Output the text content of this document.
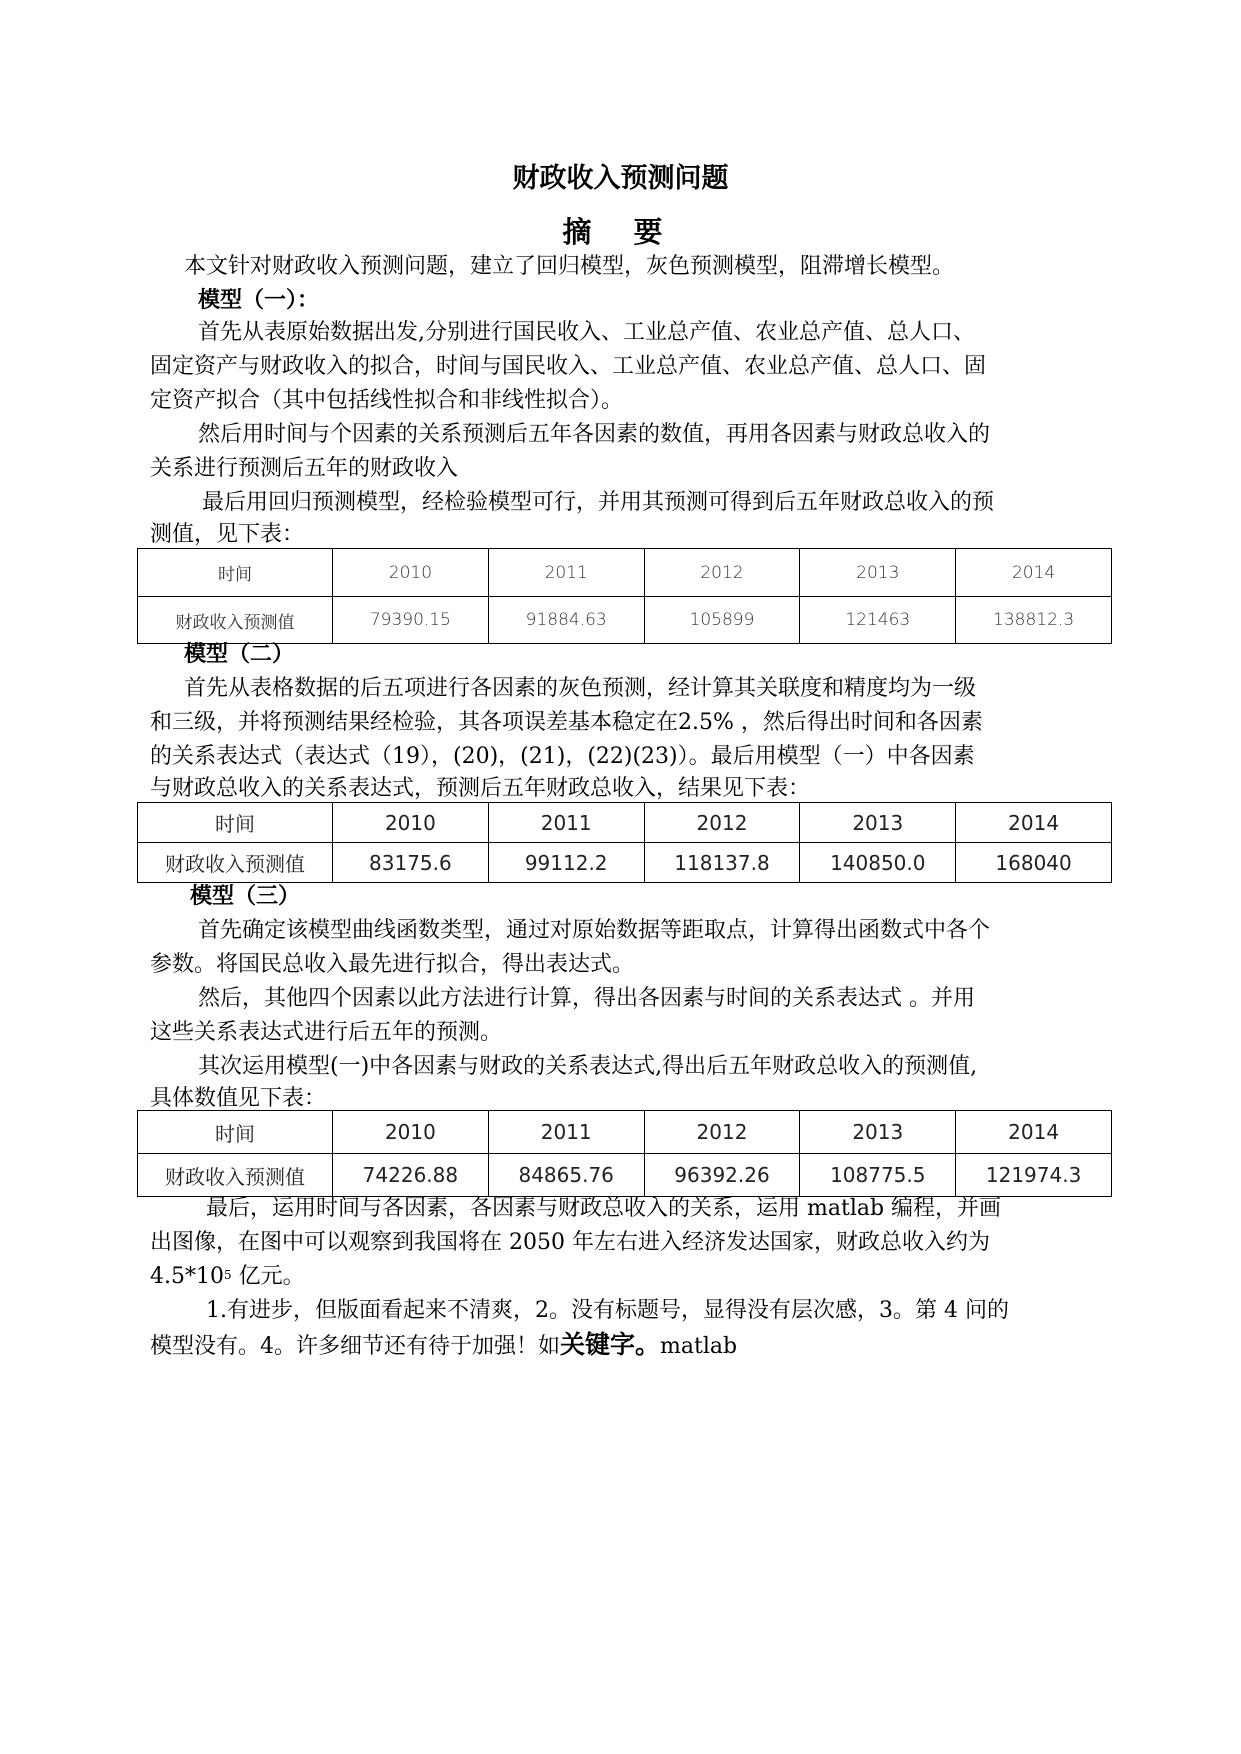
财政收入预测问题
摘 要
本文针对财政收入预测问题，建立了回归模型，灰色预测模型，阻滞增长模型。
模型（一）：
首先从表原始数据出发,分别进行国民收入、工业总产值、农业总产值、总人口、
固定资产与财政收入的拟合，时间与国民收入、工业总产值、农业总产值、总人口、固
定资产拟合（其中包括线性拟合和非线性拟合）。
然后用时间与个因素的关系预测后五年各因素的数值，再用各因素与财政总收入的
关系进行预测后五年的财政收入
最后用回归预测模型，经检验模型可行，并用其预测可得到后五年财政总收入的预
测值，见下表：
时间	2010	2011	2012	2013	2014
财政收入预测值	79390.15	91884.63	105899	121463	138812.3
模型（二）
首先从表格数据的后五项进行各因素的灰色预测，经计算其关联度和精度均为一级
和三级，并将预测结果经检验，其各项误差基本稳定在2.5% ，然后得出时间和各因素
的关系表达式（表达式（19），(20)，(21)，(22)(23)）。最后用模型（一）中各因素
与财政总收入的关系表达式，预测后五年财政总收入，结果见下表：
时间	2010	2011	2012	2013	2014
财政收入预测值	83175.6	99112.2	118137.8	140850.0	168040
模型（三）
首先确定该模型曲线函数类型，通过对原始数据等距取点，计算得出函数式中各个
参数。将国民总收入最先进行拟合，得出表达式。
然后，其他四个因素以此方法进行计算，得出各因素与时间的关系表达式 。并用
这些关系表达式进行后五年的预测。
其次运用模型(一)中各因素与财政的关系表达式,得出后五年财政总收入的预测值,
具体数值见下表：
时间	2010	2011	2012	2013	2014
财政收入预测值	74226.88	84865.76	96392.26	108775.5	121974.3
最后，运用时间与各因素，各因素与财政总收入的关系，运用 matlab 编程，并画
出图像，在图中可以观察到我国将在 2050 年左右进入经济发达国家，财政总收入约为
$4.5*10^5$ 亿元。
1.有进步，但版面看起来不清爽，2。没有标题号，显得没有层次感，3。第 4 问的
模型没有。4。许多细节还有待于加强！如关键字。matlab
